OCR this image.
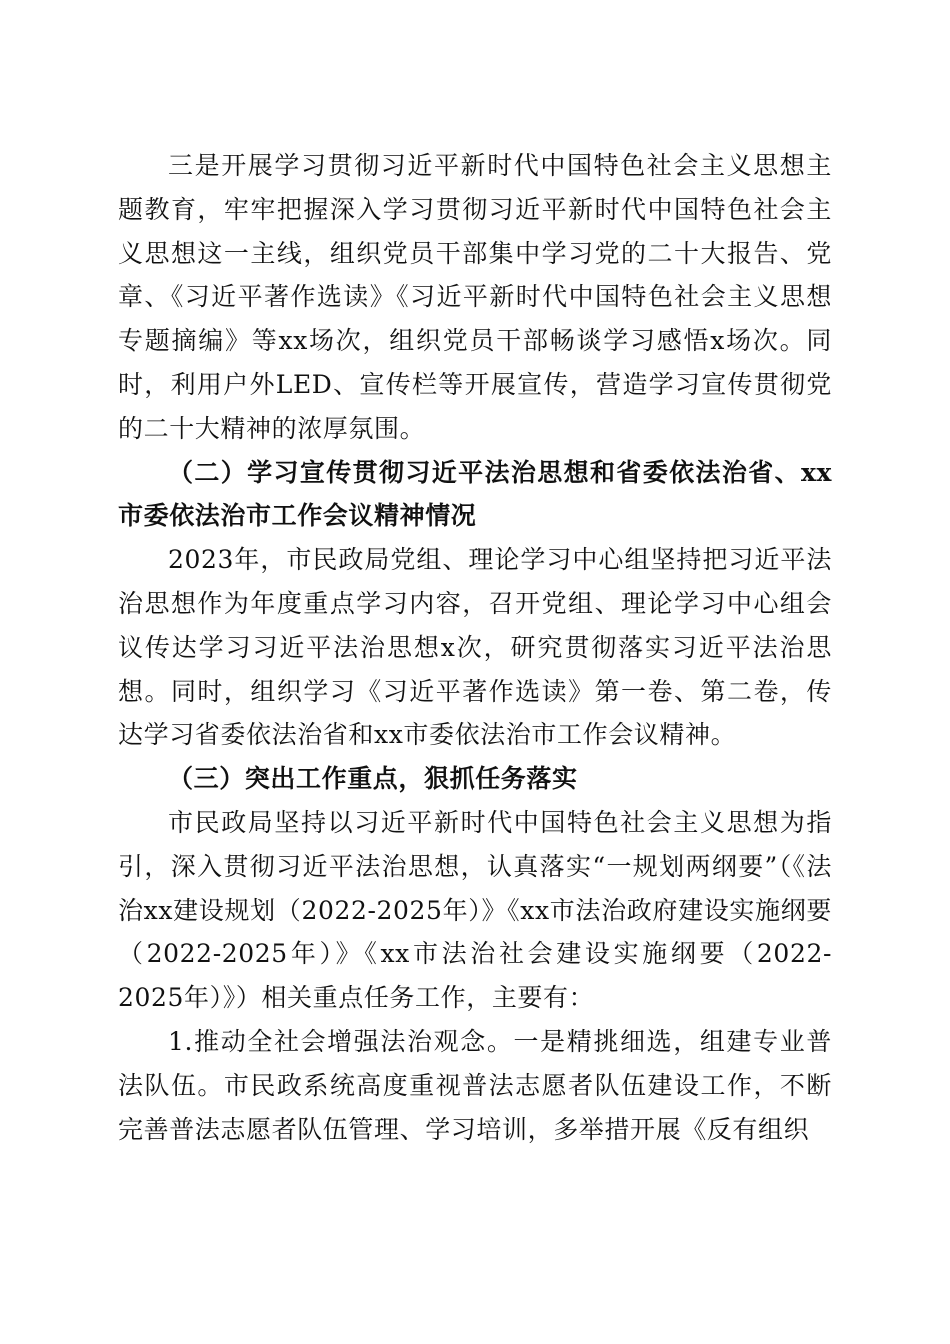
三是开展学习贯彻习近平新时代中国特色社会主义思想主题教育，牢牢把握深入学习贯彻习近平新时代中国特色社会主义思想这一主线，组织党员干部集中学习党的二十大报告、党章、《习近平著作选读》《习近平新时代中国特色社会主义思想专题摘编》等xx场次，组织党员干部畅谈学习感悟x场次。同时，利用户外LED、宣传栏等开展宣传，营造学习宣传贯彻党的二十大精神的浓厚氛围。

（二）学习宣传贯彻习近平法治思想和省委依法治省、xx市委依法治市工作会议精神情况

2023年，市民政局党组、理论学习中心组坚持把习近平法治思想作为年度重点学习内容，召开党组、理论学习中心组会议传达学习习近平法治思想x次，研究贯彻落实习近平法治思想。同时，组织学习《习近平著作选读》第一卷、第二卷，传达学习省委依法治省和xx市委依法治市工作会议精神。

（三）突出工作重点，狠抓任务落实

市民政局坚持以习近平新时代中国特色社会主义思想为指引，深入贯彻习近平法治思想，认真落实“一规划两纲要”（《法治xx建设规划（2022-2025年）》《xx市法治政府建设实施纲要（2022-2025年）》《xx市法治社会建设实施纲要（2022-2025年）》）相关重点任务工作，主要有：

1.推动全社会增强法治观念。一是精挑细选，组建专业普法队伍。市民政系统高度重视普法志愿者队伍建设工作，不断完善普法志愿者队伍管理、学习培训，多举措开展《反有组织
